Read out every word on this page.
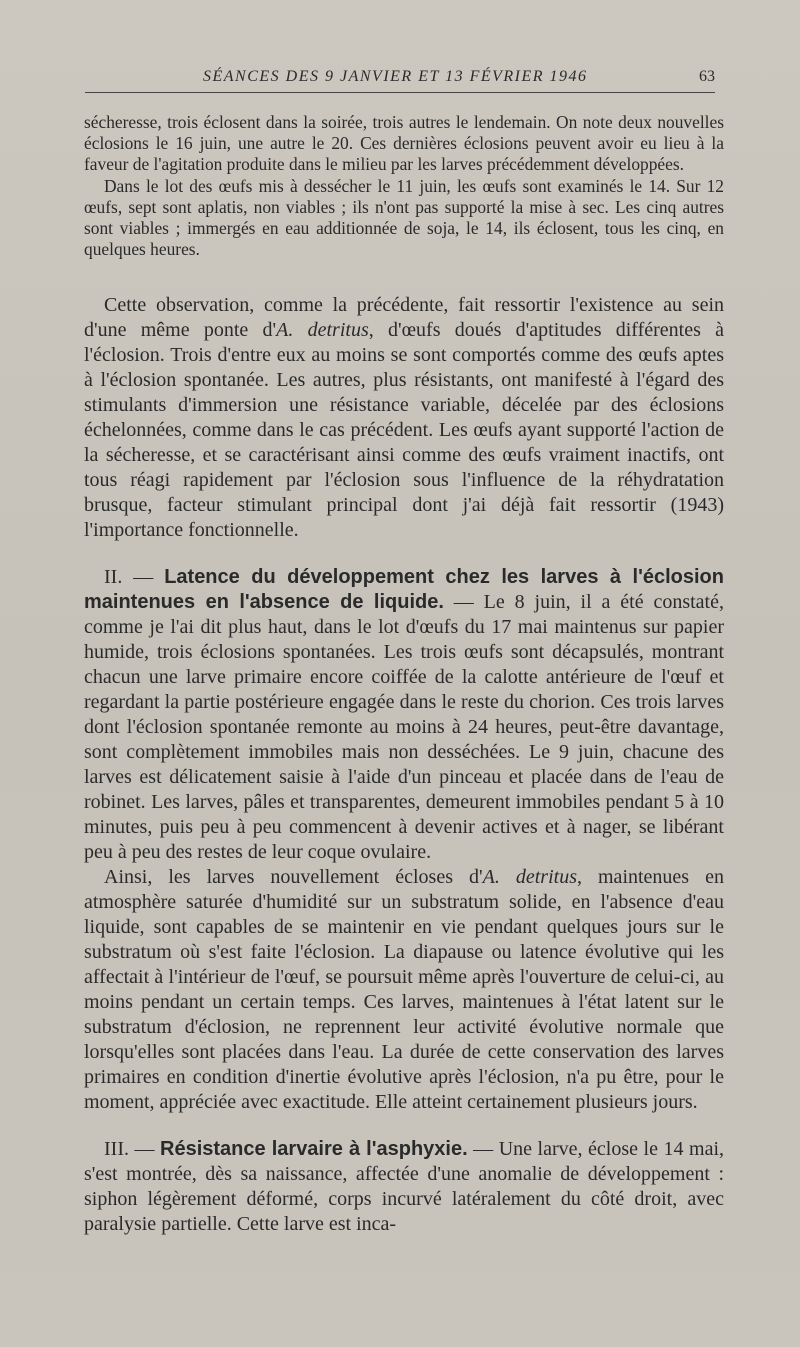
SÉANCES DES 9 JANVIER ET 13 FÉVRIER 1946	63

sécheresse, trois éclosent dans la soirée, trois autres le lendemain. On note deux nouvelles éclosions le 16 juin, une autre le 20. Ces dernières éclosions peuvent avoir eu lieu à la faveur de l'agitation produite dans le milieu par les larves précédemment développées.

Dans le lot des œufs mis à dessécher le 11 juin, les œufs sont examinés le 14. Sur 12 œufs, sept sont aplatis, non viables ; ils n'ont pas supporté la mise à sec. Les cinq autres sont viables ; immergés en eau additionnée de soja, le 14, ils éclosent, tous les cinq, en quelques heures.

Cette observation, comme la précédente, fait ressortir l'existence au sein d'une même ponte d'A. detritus, d'œufs doués d'aptitudes différentes à l'éclosion. Trois d'entre eux au moins se sont comportés comme des œufs aptes à l'éclosion spontanée. Les autres, plus résistants, ont manifesté à l'égard des stimulants d'immersion une résistance variable, décelée par des éclosions échelonnées, comme dans le cas précédent. Les œufs ayant supporté l'action de la sécheresse, et se caractérisant ainsi comme des œufs vraiment inactifs, ont tous réagi rapidement par l'éclosion sous l'influence de la réhydratation brusque, facteur stimulant principal dont j'ai déjà fait ressortir (1943) l'importance fonctionnelle.

II. — Latence du développement chez les larves à l'éclosion maintenues en l'absence de liquide. — Le 8 juin, il a été constaté, comme je l'ai dit plus haut, dans le lot d'œufs du 17 mai maintenus sur papier humide, trois éclosions spontanées. Les trois œufs sont décapsulés, montrant chacun une larve primaire encore coiffée de la calotte antérieure de l'œuf et regardant la partie postérieure engagée dans le reste du chorion. Ces trois larves dont l'éclosion spontanée remonte au moins à 24 heures, peut-être davantage, sont complètement immobiles mais non desséchées. Le 9 juin, chacune des larves est délicatement saisie à l'aide d'un pinceau et placée dans de l'eau de robinet. Les larves, pâles et transparentes, demeurent immobiles pendant 5 à 10 minutes, puis peu à peu commencent à devenir actives et à nager, se libérant peu à peu des restes de leur coque ovulaire.

Ainsi, les larves nouvellement écloses d'A. detritus, maintenues en atmosphère saturée d'humidité sur un substratum solide, en l'absence d'eau liquide, sont capables de se maintenir en vie pendant quelques jours sur le substratum où s'est faite l'éclosion. La diapause ou latence évolutive qui les affectait à l'intérieur de l'œuf, se poursuit même après l'ouverture de celui-ci, au moins pendant un certain temps. Ces larves, maintenues à l'état latent sur le substratum d'éclosion, ne reprennent leur activité évolutive normale que lorsqu'elles sont placées dans l'eau. La durée de cette conservation des larves primaires en condition d'inertie évolutive après l'éclosion, n'a pu être, pour le moment, appréciée avec exactitude. Elle atteint certainement plusieurs jours.

III. — Résistance larvaire à l'asphyxie. — Une larve, éclose le 14 mai, s'est montrée, dès sa naissance, affectée d'une anomalie de développement : siphon légèrement déformé, corps incurvé latéralement du côté droit, avec paralysie partielle. Cette larve est inca-
